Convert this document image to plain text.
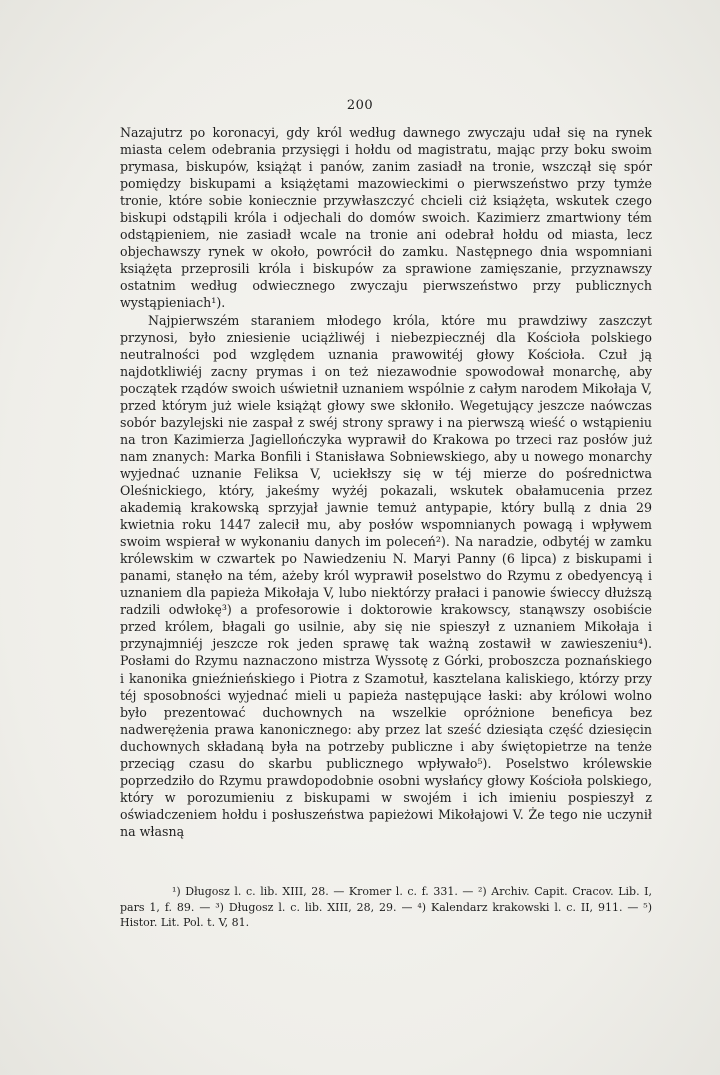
200

Nazajutrz po koronacyi, gdy król według dawnego zwyczaju udał się na rynek miasta celem odebrania przysięgi i hołdu od magistratu, mając przy boku swoim prymasa, biskupów, książąt i panów, zanim zasiadł na tronie, wszczął się spór pomiędzy biskupami a książętami mazowieckimi o pierwszeństwo przy tymże tronie, które sobie koniecznie przywłaszczyć chcieli ciż książęta, wskutek czego biskupi odstąpili króla i odjechali do domów swoich. Kazimierz zmartwiony tém odstąpieniem, nie zasiadł wcale na tronie ani odebrał hołdu od miasta, lecz objechawszy rynek w około, powrócił do zamku. Następnego dnia wspomniani książęta przeprosili króla i biskupów za sprawione zamięszanie, przyznawszy ostatnim według odwiecznego zwyczaju pierwszeństwo przy publicznych wystąpieniach¹).

Najpierwszém staraniem młodego króla, które mu prawdziwy zaszczyt przynosi, było zniesienie uciążliwéj i niebezpiecznéj dla Kościoła polskiego neutralności pod względem uznania prawowitéj głowy Kościoła. Czuł ją najdotkliwiéj zacny prymas i on też niezawodnie spowodował monarchę, aby początek rządów swoich uświetnił uznaniem wspólnie z całym narodem Mikołaja V, przed którym już wiele książąt głowy swe skłoniło. Wegetujący jeszcze naówczas sobór bazylejski nie zaspał z swéj strony sprawy i na pierwszą wieść o wstąpieniu na tron Kazimierza Jagiellończyka wyprawił do Krakowa po trzeci raz posłów już nam znanych: Marka Bonfili i Stanisława Sobniewskiego, aby u nowego monarchy wyjednać uznanie Feliksa V, uciekłszy się w téj mierze do pośrednictwa Oleśnickiego, który, jakeśmy wyżéj pokazali, wskutek obałamucenia przez akademią krakowską sprzyjał jawnie temuż antypapie, który bullą z dnia 29 kwietnia roku 1447 zalecił mu, aby posłów wspomnianych powagą i wpływem swoim wspierał w wykonaniu danych im poleceń²). Na naradzie, odbytéj w zamku królewskim w czwartek po Nawiedzeniu N. Maryi Panny (6 lipca) z biskupami i panami, stanęło na tém, ażeby król wyprawił poselstwo do Rzymu z obedyencyą i uznaniem dla papieża Mikołaja V, lubo niektórzy prałaci i panowie świeccy dłuższą radzili odwłokę³) a profesorowie i doktorowie krakowscy, stanąwszy osobiście przed królem, błagali go usilnie, aby się nie spieszył z uznaniem Mikołaja i przynajmniéj jeszcze rok jeden sprawę tak ważną zostawił w zawieszeniu⁴). Posłami do Rzymu naznaczono mistrza Wyssotę z Górki, proboszcza poznańskiego i kanonika gnieźnieńskiego i Piotra z Szamotuł, kasztelana kaliskiego, którzy przy téj sposobności wyjednać mieli u papieża następujące łaski: aby królowi wolno było prezentować duchownych na wszelkie opróżnione beneficya bez nadwerężenia prawa kanonicznego: aby przez lat sześć dziesiąta część dziesięcin duchownych składaną była na potrzeby publiczne i aby świętopietrze na tenże przeciąg czasu do skarbu publicznego wpływało⁵). Poselstwo królewskie poprzedziło do Rzymu prawdopodobnie osobni wysłańcy głowy Kościoła polskiego, który w porozumieniu z biskupami w swojém i ich imieniu pospieszył z oświadczeniem hołdu i posłuszeństwa papieżowi Mikołajowi V. Że tego nie uczynił na własną

¹) Długosz l. c. lib. XIII, 28. — Kromer l. c. f. 331. — ²) Archiv. Capit. Cracov. Lib. I, pars 1, f. 89. — ³) Długosz l. c. lib. XIII, 28, 29. — ⁴) Kalendarz krakowski l. c. II, 911. — ⁵) Histor. Lit. Pol. t. V, 81.
